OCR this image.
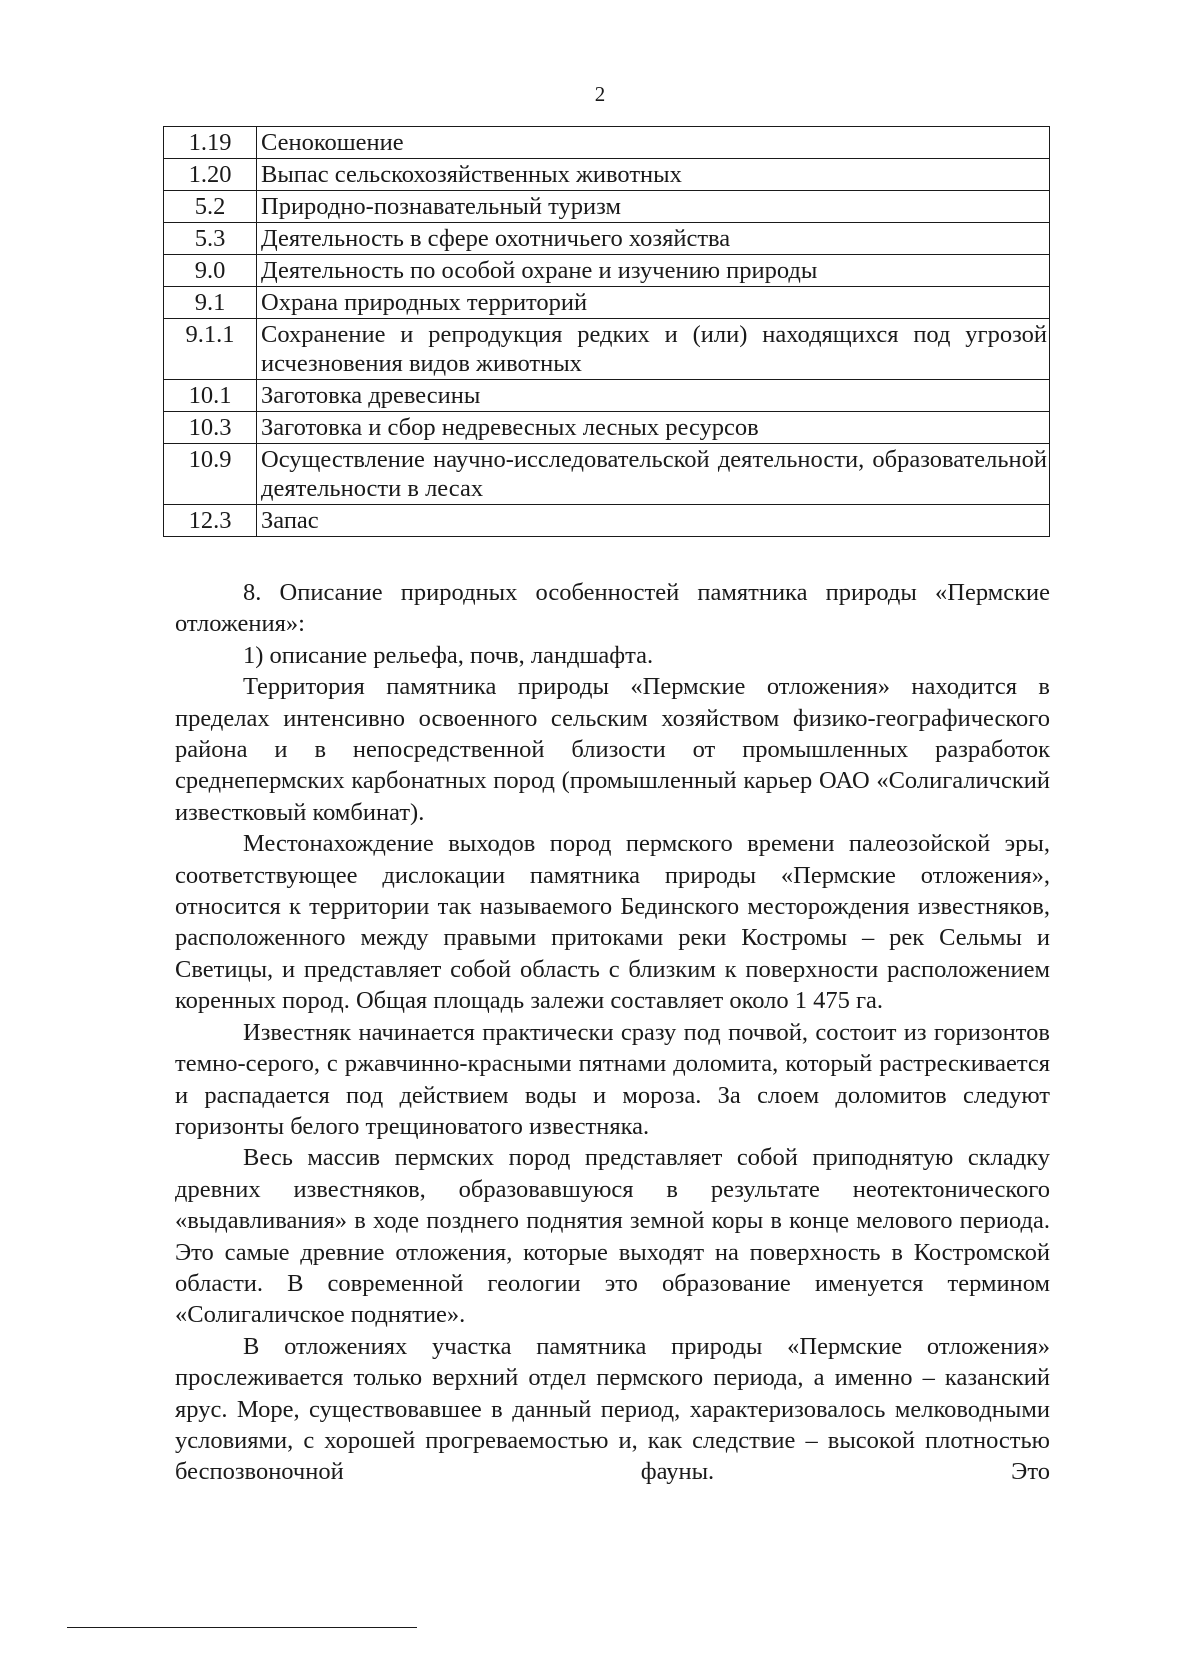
2
1.19	Сенокошение
1.20	Выпас сельскохозяйственных животных
5.2	Природно-познавательный туризм
5.3	Деятельность в сфере охотничьего хозяйства
9.0	Деятельность по особой охране и изучению природы
9.1	Охрана природных территорий
9.1.1	Сохранение и репродукция редких и (или) находящихся под угрозой исчезновения видов животных
10.1	Заготовка древесины
10.3	Заготовка и сбор недревесных лесных ресурсов
10.9	Осуществление научно-исследовательской деятельности, образовательной деятельности в лесах
12.3	Запас

8. Описание природных особенностей памятника природы «Пермские отложения»:

1) описание рельефа, почв, ландшафта.

Территория памятника природы «Пермские отложения» находится в пределах интенсивно освоенного сельским хозяйством физико-географического района и в непосредственной близости от промышленных разработок среднепермских карбонатных пород (промышленный карьер ОАО «Солигаличский известковый комбинат).

Местонахождение выходов пород пермского времени палеозойской эры, соответствующее дислокации памятника природы «Пермские отложения», относится к территории так называемого Бединского месторождения известняков, расположенного между правыми притоками реки Костромы – рек Сельмы и Светицы, и представляет собой область с близким к поверхности расположением коренных пород. Общая площадь залежи составляет около 1 475 га.

Известняк начинается практически сразу под почвой, состоит из горизонтов темно-серого, с ржавчинно-красными пятнами доломита, который растрескивается и распадается под действием воды и мороза. За слоем доломитов следуют горизонты белого трещиноватого известняка.

Весь массив пермских пород представляет собой приподнятую складку древних известняков, образовавшуюся в результате неотектонического «выдавливания» в ходе позднего поднятия земной коры в конце мелового периода. Это самые древние отложения, которые выходят на поверхность в Костромской области. В современной геологии это образование именуется термином «Солигаличское поднятие».

В отложениях участка памятника природы «Пермские отложения» прослеживается только верхний отдел пермского периода, а именно – казанский ярус. Море, существовавшее в данный период, характеризовалось мелководными условиями, с хорошей прогреваемостью и, как следствие – высокой плотностью беспозвоночной фауны. Это
